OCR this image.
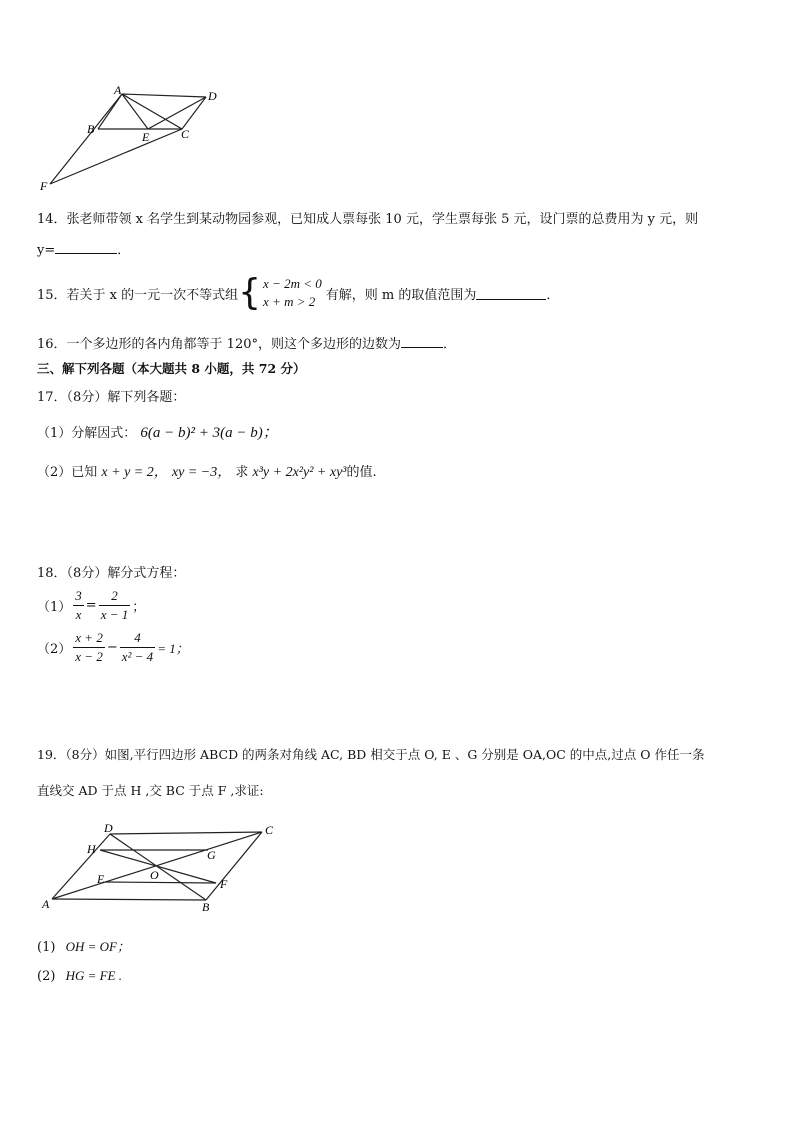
A	D
B
E	C
F
14．张老师带领 x 名学生到某动物园参观，已知成人票每张 10 元，学生票每张 5 元，设门票的总费用为 y 元，则
y=	．
15．若关于 x 的一元一次不等式组 { x − 2m < 0
x + m > 2 有解，则 m 的取值范围为	．
16．一个多边形的各内角都等于 120°，则这个多边形的边数为	．
三、解下列各题（本大题共 8 小题，共 72 分）
17．（8分）解下列各题：
（1）分解因式： 6(a − b)² + 3(a − b)；
（2）已知 x + y = 2， xy = −3， 求 x³y + 2x²y² + xy³的值.
18．（8分）解分式方程：
$(1) \frac{3}{x} = \frac{2}{x - 1}$ ；
$(2) \frac{x + 2}{x - 2} - \frac{4}{\text{x² − 4}} = 1$；
19．（8分）如图,平行四边形 ABCD 的两条对角线 AC, BD 相交于点 O, E 、G 分别是 OA,OC 的中点,过点 O 作任一条
直线交 AD 于点 H ,交 BC 于点 F ,求证:
D	C
H	G
E	O
F
A	B
(1) OH = OF；
(2) HG = FE .
